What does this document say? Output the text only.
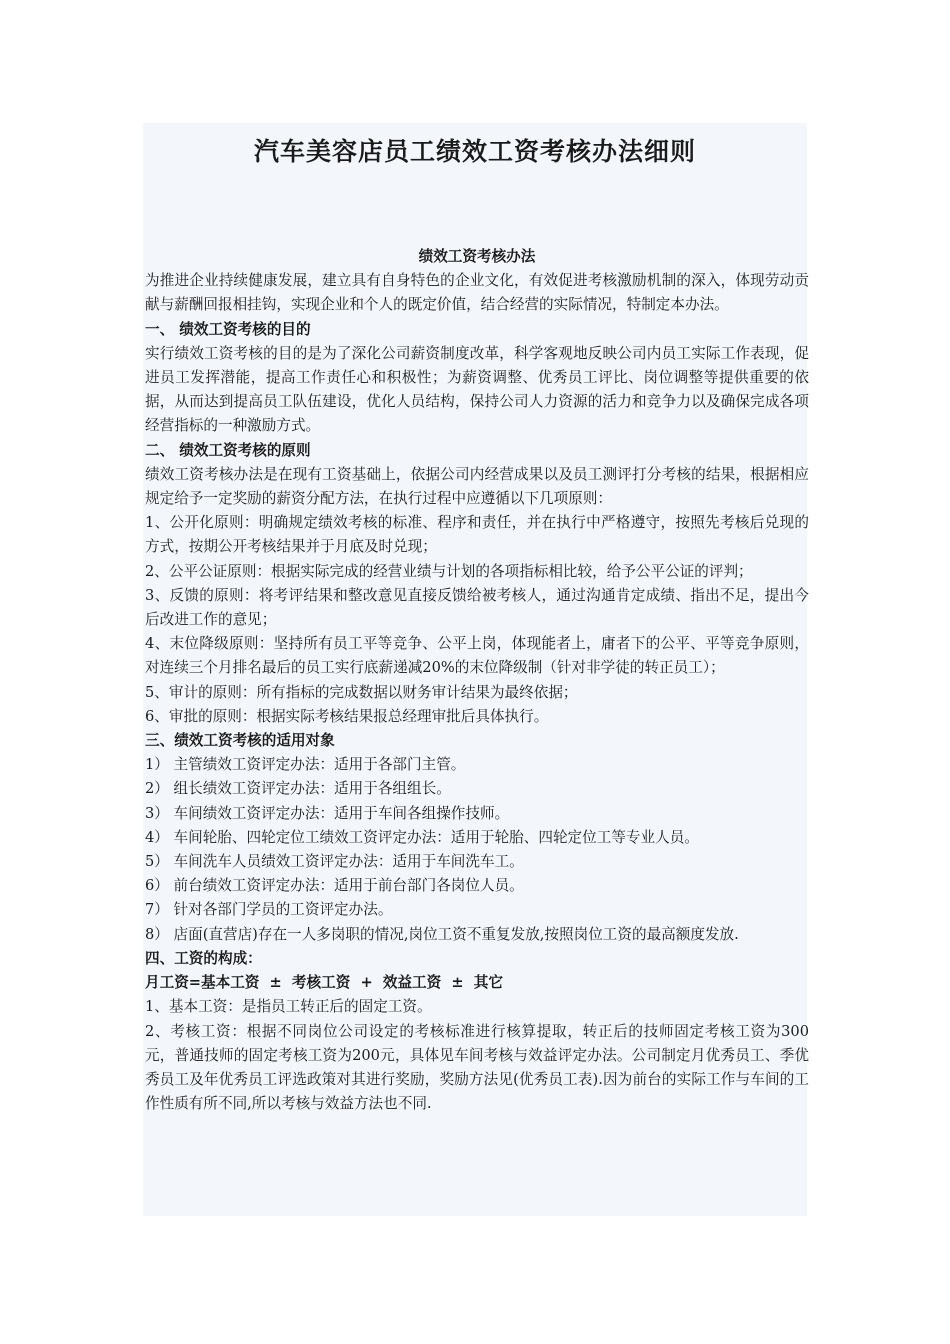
汽车美容店员工绩效工资考核办法细则

绩效工资考核办法

为推进企业持续健康发展，建立具有自身特色的企业文化，有效促进考核激励机制的深入，体现劳动贡献与薪酬回报相挂钩，实现企业和个人的既定价值，结合经营的实际情况，特制定本办法。

一、 绩效工资考核的目的

实行绩效工资考核的目的是为了深化公司薪资制度改革，科学客观地反映公司内员工实际工作表现，促进员工发挥潜能，提高工作责任心和积极性；为薪资调整、优秀员工评比、岗位调整等提供重要的依据，从而达到提高员工队伍建设，优化人员结构，保持公司人力资源的活力和竞争力以及确保完成各项经营指标的一种激励方式。

二、 绩效工资考核的原则

绩效工资考核办法是在现有工资基础上，依据公司内经营成果以及员工测评打分考核的结果，根据相应规定给予一定奖励的薪资分配方法，在执行过程中应遵循以下几项原则：

1、公开化原则：明确规定绩效考核的标准、程序和责任，并在执行中严格遵守，按照先考核后兑现的方式，按期公开考核结果并于月底及时兑现；

2、公平公证原则：根据实际完成的经营业绩与计划的各项指标相比较，给予公平公证的评判；

3、反馈的原则：将考评结果和整改意见直接反馈给被考核人，通过沟通肯定成绩、指出不足，提出今后改进工作的意见；

4、末位降级原则：坚持所有员工平等竞争、公平上岗，体现能者上，庸者下的公平、平等竞争原则，对连续三个月排名最后的员工实行底薪递减20%的末位降级制（针对非学徒的转正员工）；

5、审计的原则：所有指标的完成数据以财务审计结果为最终依据；

6、审批的原则：根据实际考核结果报总经理审批后具体执行。

三、绩效工资考核的适用对象

1） 主管绩效工资评定办法：适用于各部门主管。

2） 组长绩效工资评定办法：适用于各组组长。

3） 车间绩效工资评定办法：适用于车间各组操作技师。

4） 车间轮胎、四轮定位工绩效工资评定办法：适用于轮胎、四轮定位工等专业人员。

5） 车间洗车人员绩效工资评定办法：适用于车间洗车工。

6） 前台绩效工资评定办法：适用于前台部门各岗位人员。

7） 针对各部门学员的工资评定办法。

8） 店面(直营店)存在一人多岗职的情况,岗位工资不重复发放,按照岗位工资的最高额度发放.

四、工资的构成：

月工资=基本工资  ±  考核工资  +  效益工资  ±  其它

1、基本工资：是指员工转正后的固定工资。

2、考核工资：根据不同岗位公司设定的考核标准进行核算提取，转正后的技师固定考核工资为300元，普通技师的固定考核工资为200元，具体见车间考核与效益评定办法。公司制定月优秀员工、季优秀员工及年优秀员工评选政策对其进行奖励，奖励方法见(优秀员工表).因为前台的实际工作与车间的工作性质有所不同,所以考核与效益方法也不同.
